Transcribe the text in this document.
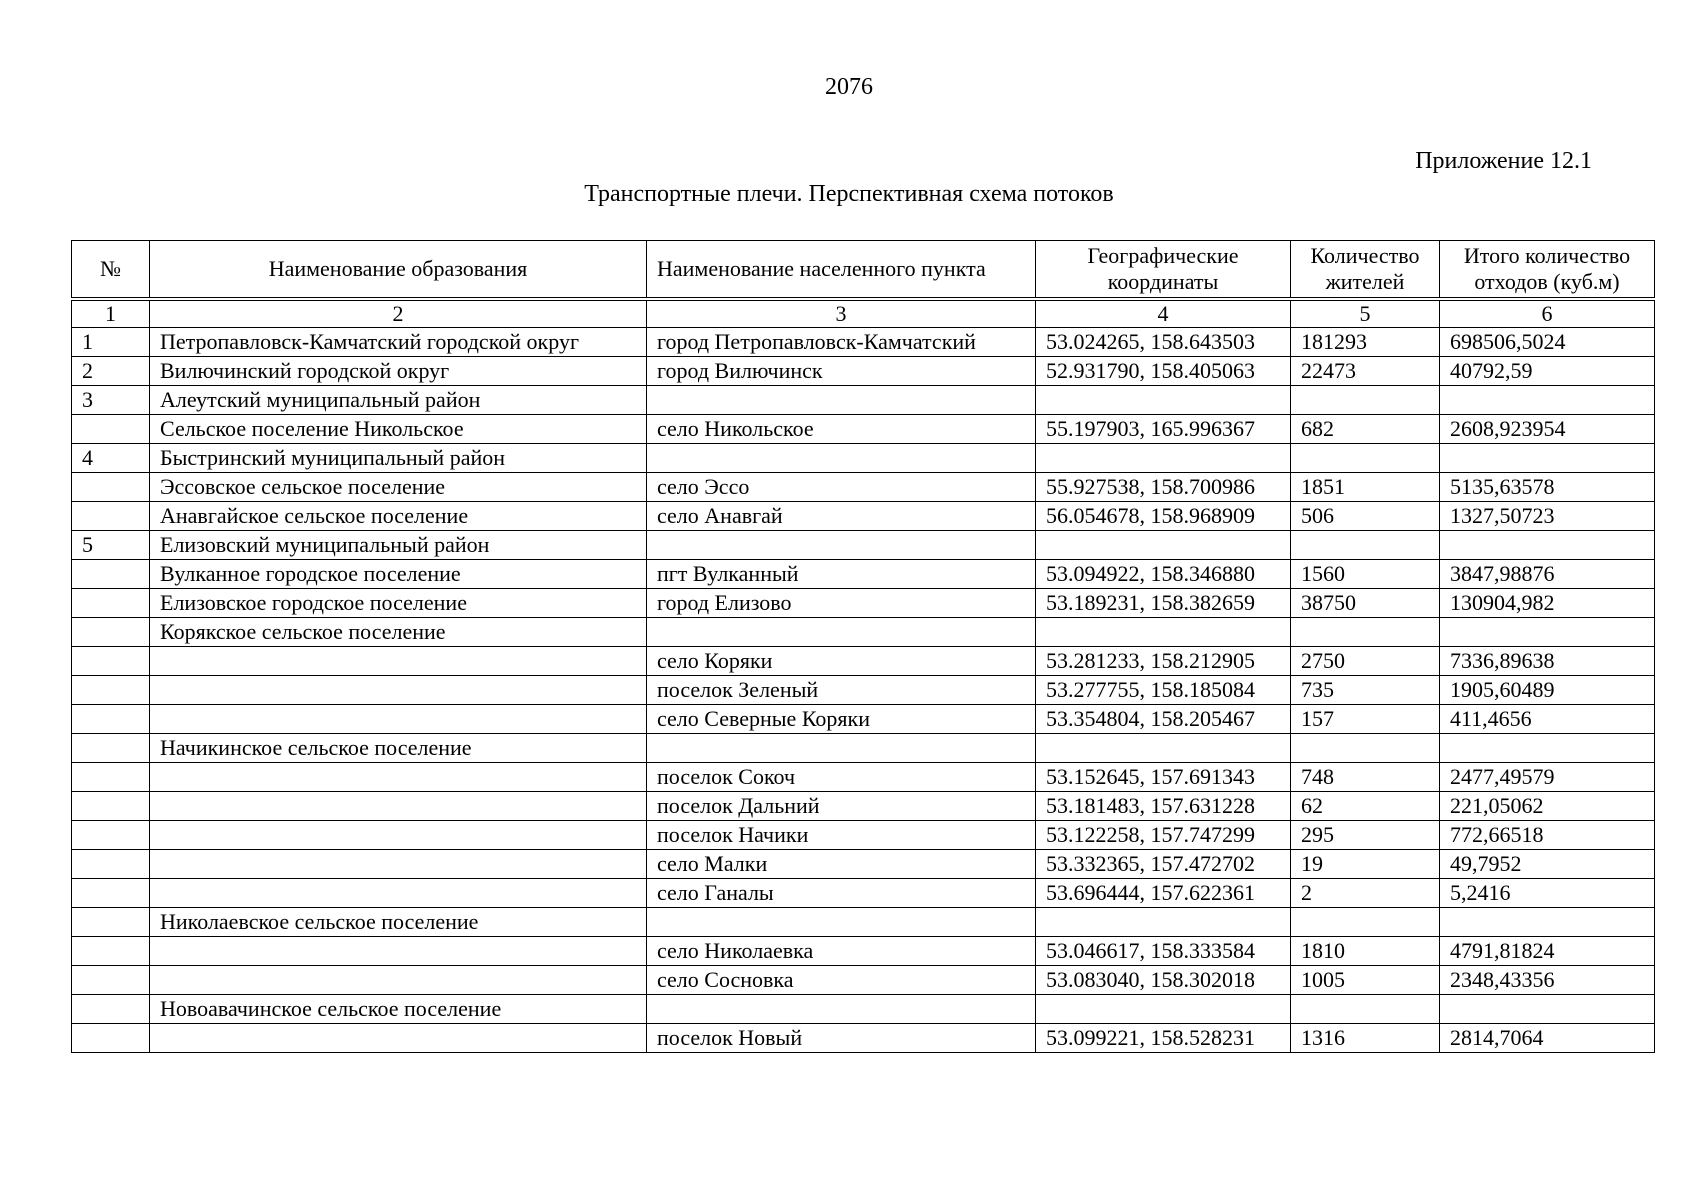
2076
Приложение 12.1
Транспортные плечи. Перспективная схема потоков
№	Наименование образования	Наименование населенного пункта	Географические координаты	Количество жителей	Итого количество отходов (куб.м)
1	2	3	4	5	6
1	Петропавловск-Камчатский городской округ	город Петропавловск-Камчатский	53.024265, 158.643503	181293	698506,5024
2	Вилючинский городской округ	город Вилючинск	52.931790, 158.405063	22473	40792,59
3	Алеутский муниципальный район				
	Сельское поселение Никольское	село Никольское	55.197903, 165.996367	682	2608,923954
4	Быстринский муниципальный район				
	Эссовское сельское поселение	село Эссо	55.927538, 158.700986	1851	5135,63578
	Анавгайское сельское поселение	село Анавгай	56.054678, 158.968909	506	1327,50723
5	Елизовский муниципальный район				
	Вулканное городское поселение	пгт Вулканный	53.094922, 158.346880	1560	3847,98876
	Елизовское городское поселение	город Елизово	53.189231, 158.382659	38750	130904,982
	Корякское сельское поселение				
		село Коряки	53.281233, 158.212905	2750	7336,89638
		поселок Зеленый	53.277755, 158.185084	735	1905,60489
		село Северные Коряки	53.354804, 158.205467	157	411,4656
	Начикинское сельское поселение				
		поселок Сокоч	53.152645, 157.691343	748	2477,49579
		поселок Дальний	53.181483, 157.631228	62	221,05062
		поселок Начики	53.122258, 157.747299	295	772,66518
		село Малки	53.332365, 157.472702	19	49,7952
		село Ганалы	53.696444, 157.622361	2	5,2416
	Николаевское сельское поселение				
		село Николаевка	53.046617, 158.333584	1810	4791,81824
		село Сосновка	53.083040, 158.302018	1005	2348,43356
	Новоавачинское сельское поселение				
		поселок Новый	53.099221, 158.528231	1316	2814,7064
